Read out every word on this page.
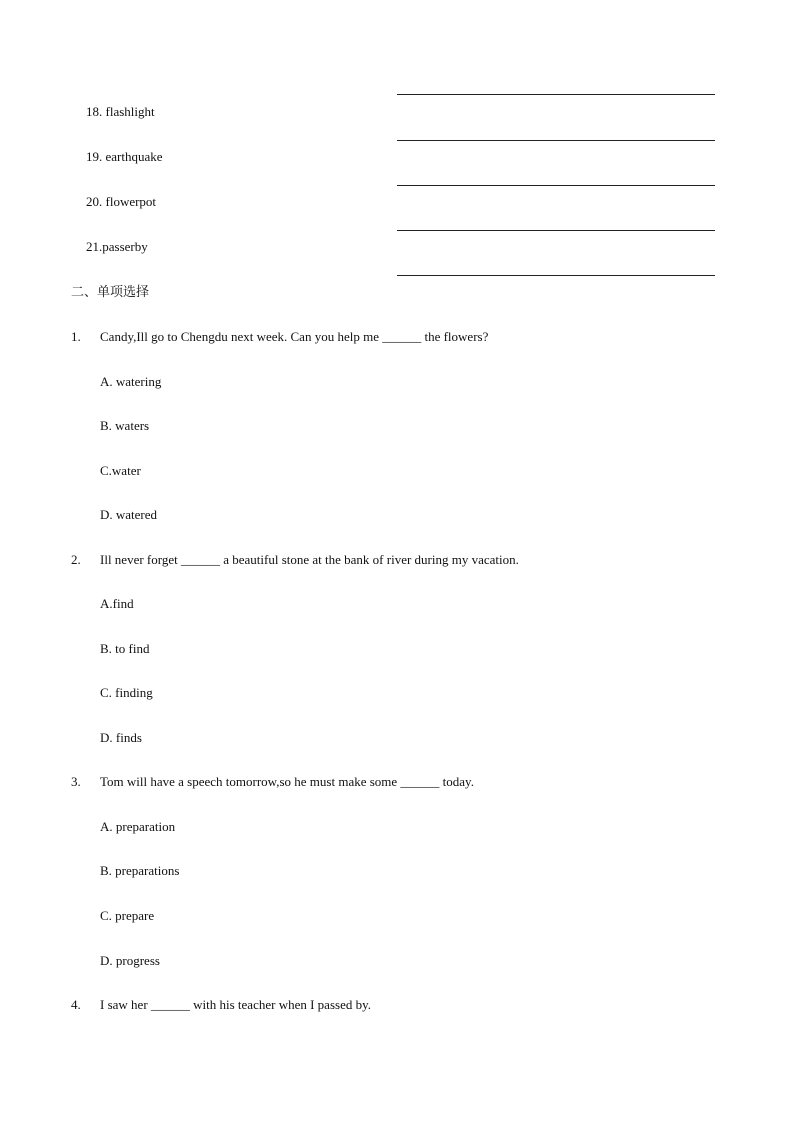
18. flashlight
19. earthquake
20. flowerpot
21.passerby
二、单项选择
1. Candy,Ill go to Chengdu next week. Can you help me ______ the flowers?
A. watering
B. waters
C.water
D. watered
2. Ill never forget ______ a beautiful stone at the bank of river during my vacation.
A.find
B. to find
C. finding
D. finds
3. Tom will have a speech tomorrow,so he must make some ______ today.
A. preparation
B. preparations
C. prepare
D. progress
4. I saw her ______ with his teacher when I passed by.
